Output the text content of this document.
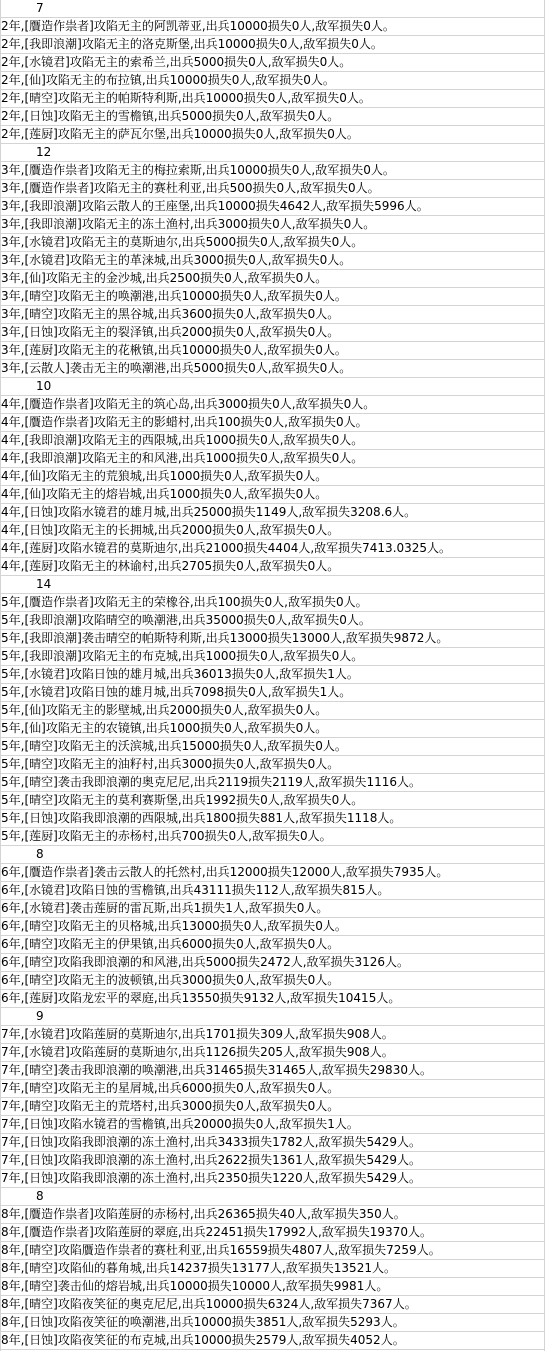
7
2年,[贋造作祟者]攻陷无主的阿凯蒂亚,出兵10000损失0人,敌军损失0人。
2年,[我即浪潮]攻陷无主的洛克斯堡,出兵10000损失0人,敌军损失0人。
2年,[水镜君]攻陷无主的索希兰,出兵5000损失0人,敌军损失0人。
2年,[仙]攻陷无主的布拉镇,出兵10000损失0人,敌军损失0人。
2年,[晴空]攻陷无主的帕斯特利斯,出兵10000损失0人,敌军损失0人。
2年,[日蚀]攻陷无主的雪檐镇,出兵5000损失0人,敌军损失0人。
2年,[莲厨]攻陷无主的萨瓦尔堡,出兵10000损失0人,敌军损失0人。
12
3年,[贋造作祟者]攻陷无主的梅拉索斯,出兵10000损失0人,敌军损失0人。
3年,[贋造作祟者]攻陷无主的赛杜利亚,出兵500损失0人,敌军损失0人。
3年,[我即浪潮]攻陷云散人的王座堡,出兵10000损失4642人,敌军损失5996人。
3年,[我即浪潮]攻陷无主的冻土渔村,出兵3000损失0人,敌军损失0人。
3年,[水镜君]攻陷无主的莫斯迪尔,出兵5000损失0人,敌军损失0人。
3年,[水镜君]攻陷无主的革涞城,出兵3000损失0人,敌军损失0人。
3年,[仙]攻陷无主的金沙城,出兵2500损失0人,敌军损失0人。
3年,[晴空]攻陷无主的唤潮港,出兵10000损失0人,敌军损失0人。
3年,[晴空]攻陷无主的黑谷城,出兵3600损失0人,敌军损失0人。
3年,[日蚀]攻陷无主的裂泽镇,出兵2000损失0人,敌军损失0人。
3年,[莲厨]攻陷无主的花楸镇,出兵10000损失0人,敌军损失0人。
3年,[云散人]袭击无主的唤潮港,出兵5000损失0人,敌军损失0人。
10
4年,[贋造作祟者]攻陷无主的筑心岛,出兵3000损失0人,敌军损失0人。
4年,[贋造作祟者]攻陷无主的影蜡村,出兵100损失0人,敌军损失0人。
4年,[我即浪潮]攻陷无主的西限城,出兵1000损失0人,敌军损失0人。
4年,[我即浪潮]攻陷无主的和风港,出兵1000损失0人,敌军损失0人。
4年,[仙]攻陷无主的荒狼城,出兵1000损失0人,敌军损失0人。
4年,[仙]攻陷无主的熔岩城,出兵1000损失0人,敌军损失0人。
4年,[日蚀]攻陷水镜君的雄月城,出兵25000损失1149人,敌军损失3208.6人。
4年,[日蚀]攻陷无主的长拥城,出兵2000损失0人,敌军损失0人。
4年,[莲厨]攻陷水镜君的莫斯迪尔,出兵21000损失4404人,敌军损失7413.0325人。
4年,[莲厨]攻陷无主的林谕村,出兵2705损失0人,敌军损失0人。
14
5年,[贋造作祟者]攻陷无主的荣橡谷,出兵100损失0人,敌军损失0人。
5年,[我即浪潮]攻陷晴空的唤潮港,出兵35000损失0人,敌军损失0人。
5年,[我即浪潮]袭击晴空的帕斯特利斯,出兵13000损失13000人,敌军损失9872人。
5年,[我即浪潮]攻陷无主的布克城,出兵1000损失0人,敌军损失0人。
5年,[水镜君]攻陷日蚀的雄月城,出兵36013损失0人,敌军损失1人。
5年,[水镜君]攻陷日蚀的雄月城,出兵7098损失0人,敌军损失1人。
5年,[仙]攻陷无主的影壁城,出兵2000损失0人,敌军损失0人。
5年,[仙]攻陷无主的农镜镇,出兵1000损失0人,敌军损失0人。
5年,[晴空]攻陷无主的沃滨城,出兵15000损失0人,敌军损失0人。
5年,[晴空]攻陷无主的油籽村,出兵3000损失0人,敌军损失0人。
5年,[晴空]袭击我即浪潮的奥克尼尼,出兵2119损失2119人,敌军损失1116人。
5年,[晴空]攻陷无主的莫利赛斯堡,出兵1992损失0人,敌军损失0人。
5年,[日蚀]攻陷我即浪潮的西限城,出兵1800损失881人,敌军损失1118人。
5年,[莲厨]攻陷无主的赤杨村,出兵700损失0人,敌军损失0人。
8
6年,[贋造作祟者]袭击云散人的托然村,出兵12000损失12000人,敌军损失7935人。
6年,[水镜君]攻陷日蚀的雪檐镇,出兵43111损失112人,敌军损失815人。
6年,[水镜君]袭击莲厨的雷瓦斯,出兵1损失1人,敌军损失0人。
6年,[晴空]攻陷无主的贝格城,出兵13000损失0人,敌军损失0人。
6年,[晴空]攻陷无主的伊果镇,出兵6000损失0人,敌军损失0人。
6年,[晴空]攻陷我即浪潮的和风港,出兵5000损失2472人,敌军损失3126人。
6年,[晴空]攻陷无主的波顿镇,出兵3000损失0人,敌军损失0人。
6年,[莲厨]攻陷龙宏平的翠庭,出兵13550损失9132人,敌军损失10415人。
9
7年,[水镜君]攻陷莲厨的莫斯迪尔,出兵1701损失309人,敌军损失908人。
7年,[水镜君]攻陷莲厨的莫斯迪尔,出兵1126损失205人,敌军损失908人。
7年,[晴空]袭击我即浪潮的唤潮港,出兵31465损失31465人,敌军损失29830人。
7年,[晴空]攻陷无主的星屑城,出兵6000损失0人,敌军损失0人。
7年,[晴空]攻陷无主的荒塔村,出兵3000损失0人,敌军损失0人。
7年,[日蚀]攻陷水镜君的雪檐镇,出兵20000损失0人,敌军损失1人。
7年,[日蚀]攻陷我即浪潮的冻土渔村,出兵3433损失1782人,敌军损失5429人。
7年,[日蚀]攻陷我即浪潮的冻土渔村,出兵2622损失1361人,敌军损失5429人。
7年,[日蚀]攻陷我即浪潮的冻土渔村,出兵2350损失1220人,敌军损失5429人。
8
8年,[贋造作祟者]攻陷莲厨的赤杨村,出兵26365损失40人,敌军损失350人。
8年,[贋造作祟者]攻陷莲厨的翠庭,出兵22451损失17992人,敌军损失19370人。
8年,[晴空]攻陷贋造作祟者的赛杜利亚,出兵16559损失4807人,敌军损失7259人。
8年,[晴空]攻陷仙的暮角城,出兵14237损失13177人,敌军损失13521人。
8年,[晴空]袭击仙的熔岩城,出兵10000损失10000人,敌军损失9981人。
8年,[晴空]攻陷夜笑征的奥克尼尼,出兵10000损失6324人,敌军损失7367人。
8年,[日蚀]攻陷夜笑征的唤潮港,出兵10000损失3851人,敌军损失5293人。
8年,[日蚀]攻陷夜笑征的布克城,出兵10000损失2579人,敌军损失4052人。
